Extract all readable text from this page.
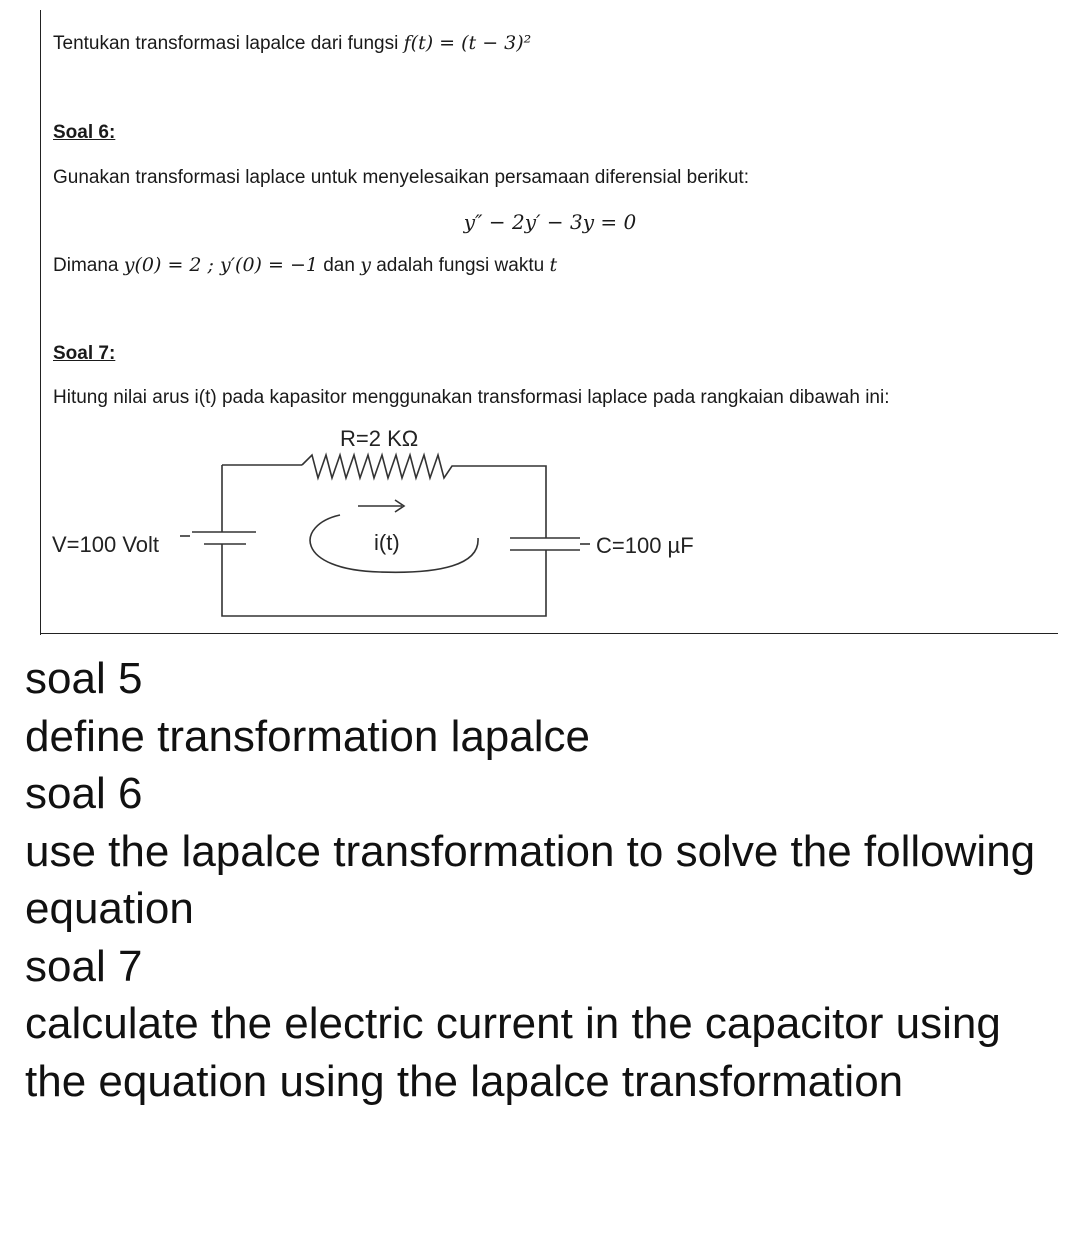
Tentukan transformasi lapalce dari fungsi f(t) = (t − 3)²
Soal 6:
Gunakan transformasi laplace untuk menyelesaikan persamaan diferensial berikut:
y″ − 2y′ − 3y = 0
Dimana y(0) = 2 ; y′(0) = −1 dan y adalah fungsi waktu t
Soal 7:
Hitung nilai arus i(t) pada kapasitor menggunakan transformasi laplace pada rangkaian dibawah ini:
R=2 KΩ
V=100 Volt	i(t)	C=100 µF
soal 5
define transformation lapalce
soal 6
use the lapalce transformation to solve the following equation
soal 7
calculate the electric current in the capacitor using the equation using the lapalce transformation
